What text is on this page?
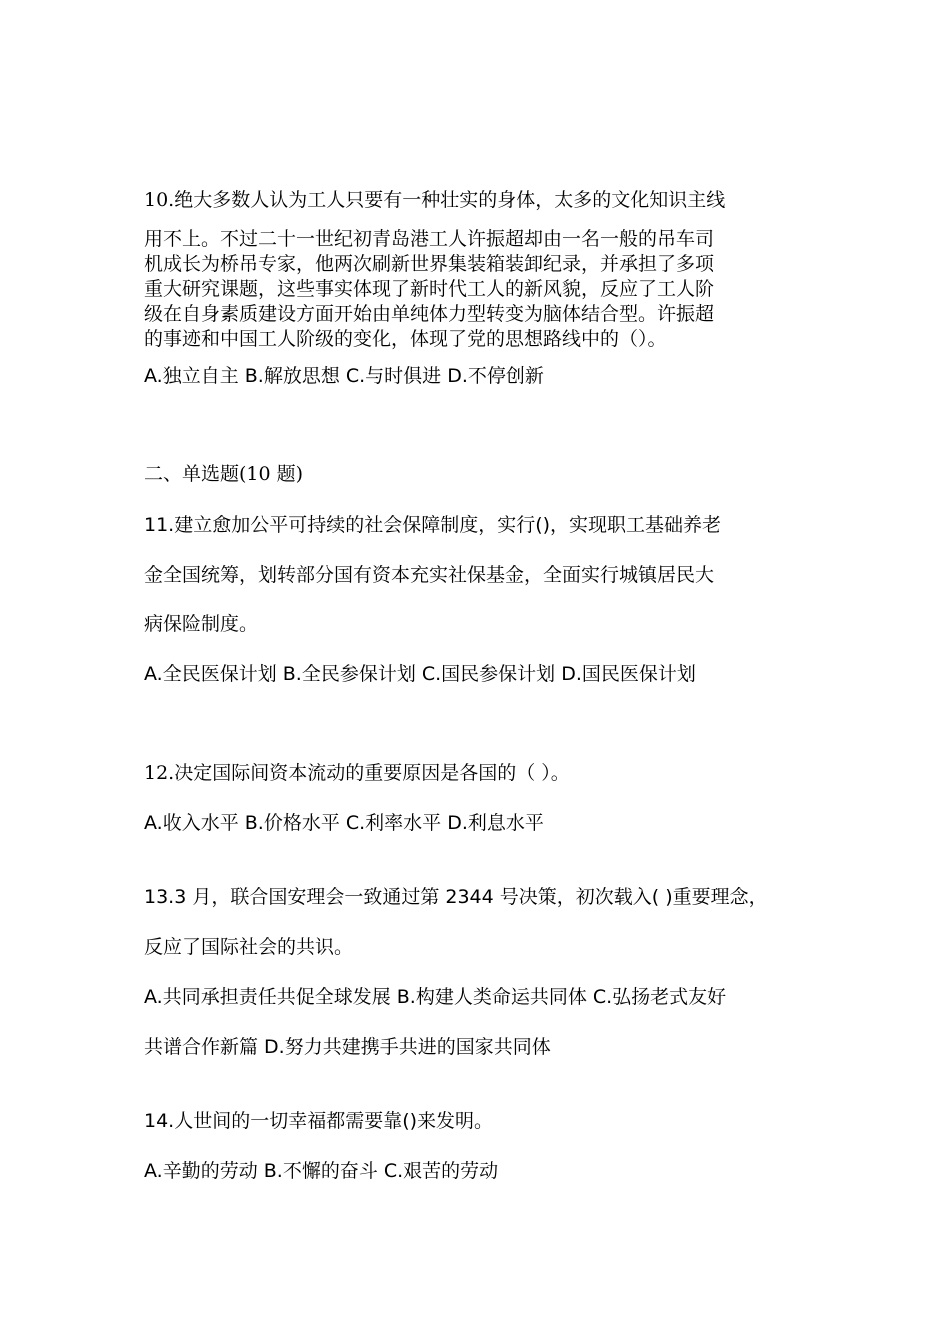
10.绝大多数人认为工人只要有一种壮实的身体，太多的文化知识主线
用不上。不过二十一世纪初青岛港工人许振超却由一名一般的吊车司
机成长为桥吊专家，他两次刷新世界集装箱装卸纪录，并承担了多项
重大研究课题，这些事实体现了新时代工人的新风貌，反应了工人阶
级在自身素质建设方面开始由单纯体力型转变为脑体结合型。许振超
的事迹和中国工人阶级的变化，体现了党的思想路线中的（）。
A.独立自主 B.解放思想 C.与时俱进 D.不停创新
二、单选题(10 题)
11.建立愈加公平可持续的社会保障制度，实行()，实现职工基础养老
金全国统筹，划转部分国有资本充实社保基金，全面实行城镇居民大
病保险制度。
A.全民医保计划 B.全民参保计划 C.国民参保计划 D.国民医保计划
12.决定国际间资本流动的重要原因是各国的（ ）。
A.收入水平 B.价格水平 C.利率水平 D.利息水平
13.3 月，联合国安理会一致通过第 2344 号决策，初次载入( )重要理念，
反应了国际社会的共识。
A.共同承担责任共促全球发展 B.构建人类命运共同体 C.弘扬老式友好
共谱合作新篇 D.努力共建携手共进的国家共同体
14.人世间的一切幸福都需要靠()来发明。
A.辛勤的劳动 B.不懈的奋斗 C.艰苦的劳动
